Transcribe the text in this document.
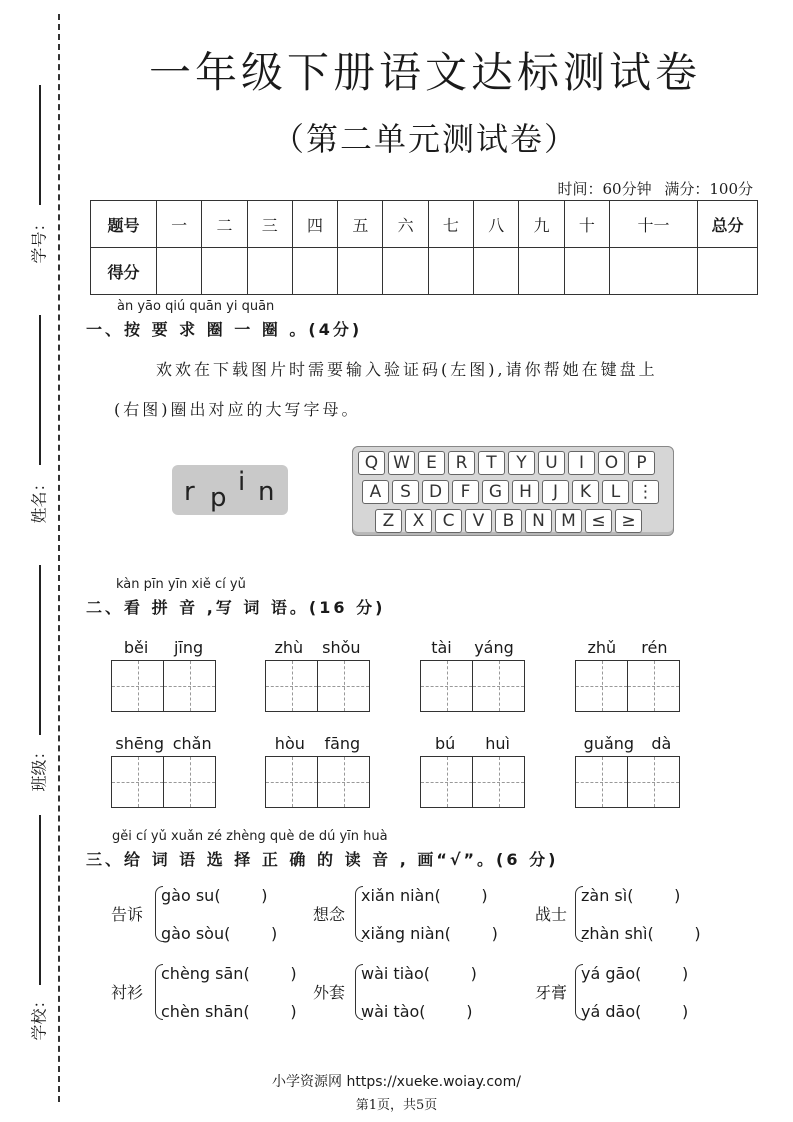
学号：
姓名：
班级：
学校：
一年级下册语文达标测试卷
（第二单元测试卷）
时间：60分钟 满分：100分
题号	一	二	三	四	五	六	七	八	九	十	十一	总分
得分												
àn yāo qiú quān yi quān
一、按 要 求 圈 一 圈 。(4分)
欢欢在下载图片时需要输入验证码(左图),请你帮她在键盘上
(右图)圈出对应的大写字母。
r p
i n
Q W E	R	T	Y	U	I	O	P
A	S	D	F	G	H	J	K	L ⋮
Z	X	C	V	B	N M ≤ ≥
kàn pīn yīn xiě cí yǔ
二、看 拼 音 ,写 词 语。(16 分)
běi jīng	zhù shǒu	tài yáng	zhǔ rén
shēng chǎn	hòu fāng	bú huì	guǎng dà
gěi cí yǔ xuǎn zé zhèng què de dú yīn huà
三、给 词 语 选 择 正 确 的 读 音 , 画“√”。(6 分)
告诉
gào su(        )
gào sòu(        )
想念
xiǎn niàn(        )
xiǎng niàn(        )
战士
zàn sì(        )
zhàn shì(        )
衬衫
chèng sān(        )
chèn shān(        )
外套
wài tiào(        )
wài tào(        )
牙膏
yá gāo(        )
yá dāo(        )
小学资源网 https://xueke.woiay.com/
第1页，共5页
